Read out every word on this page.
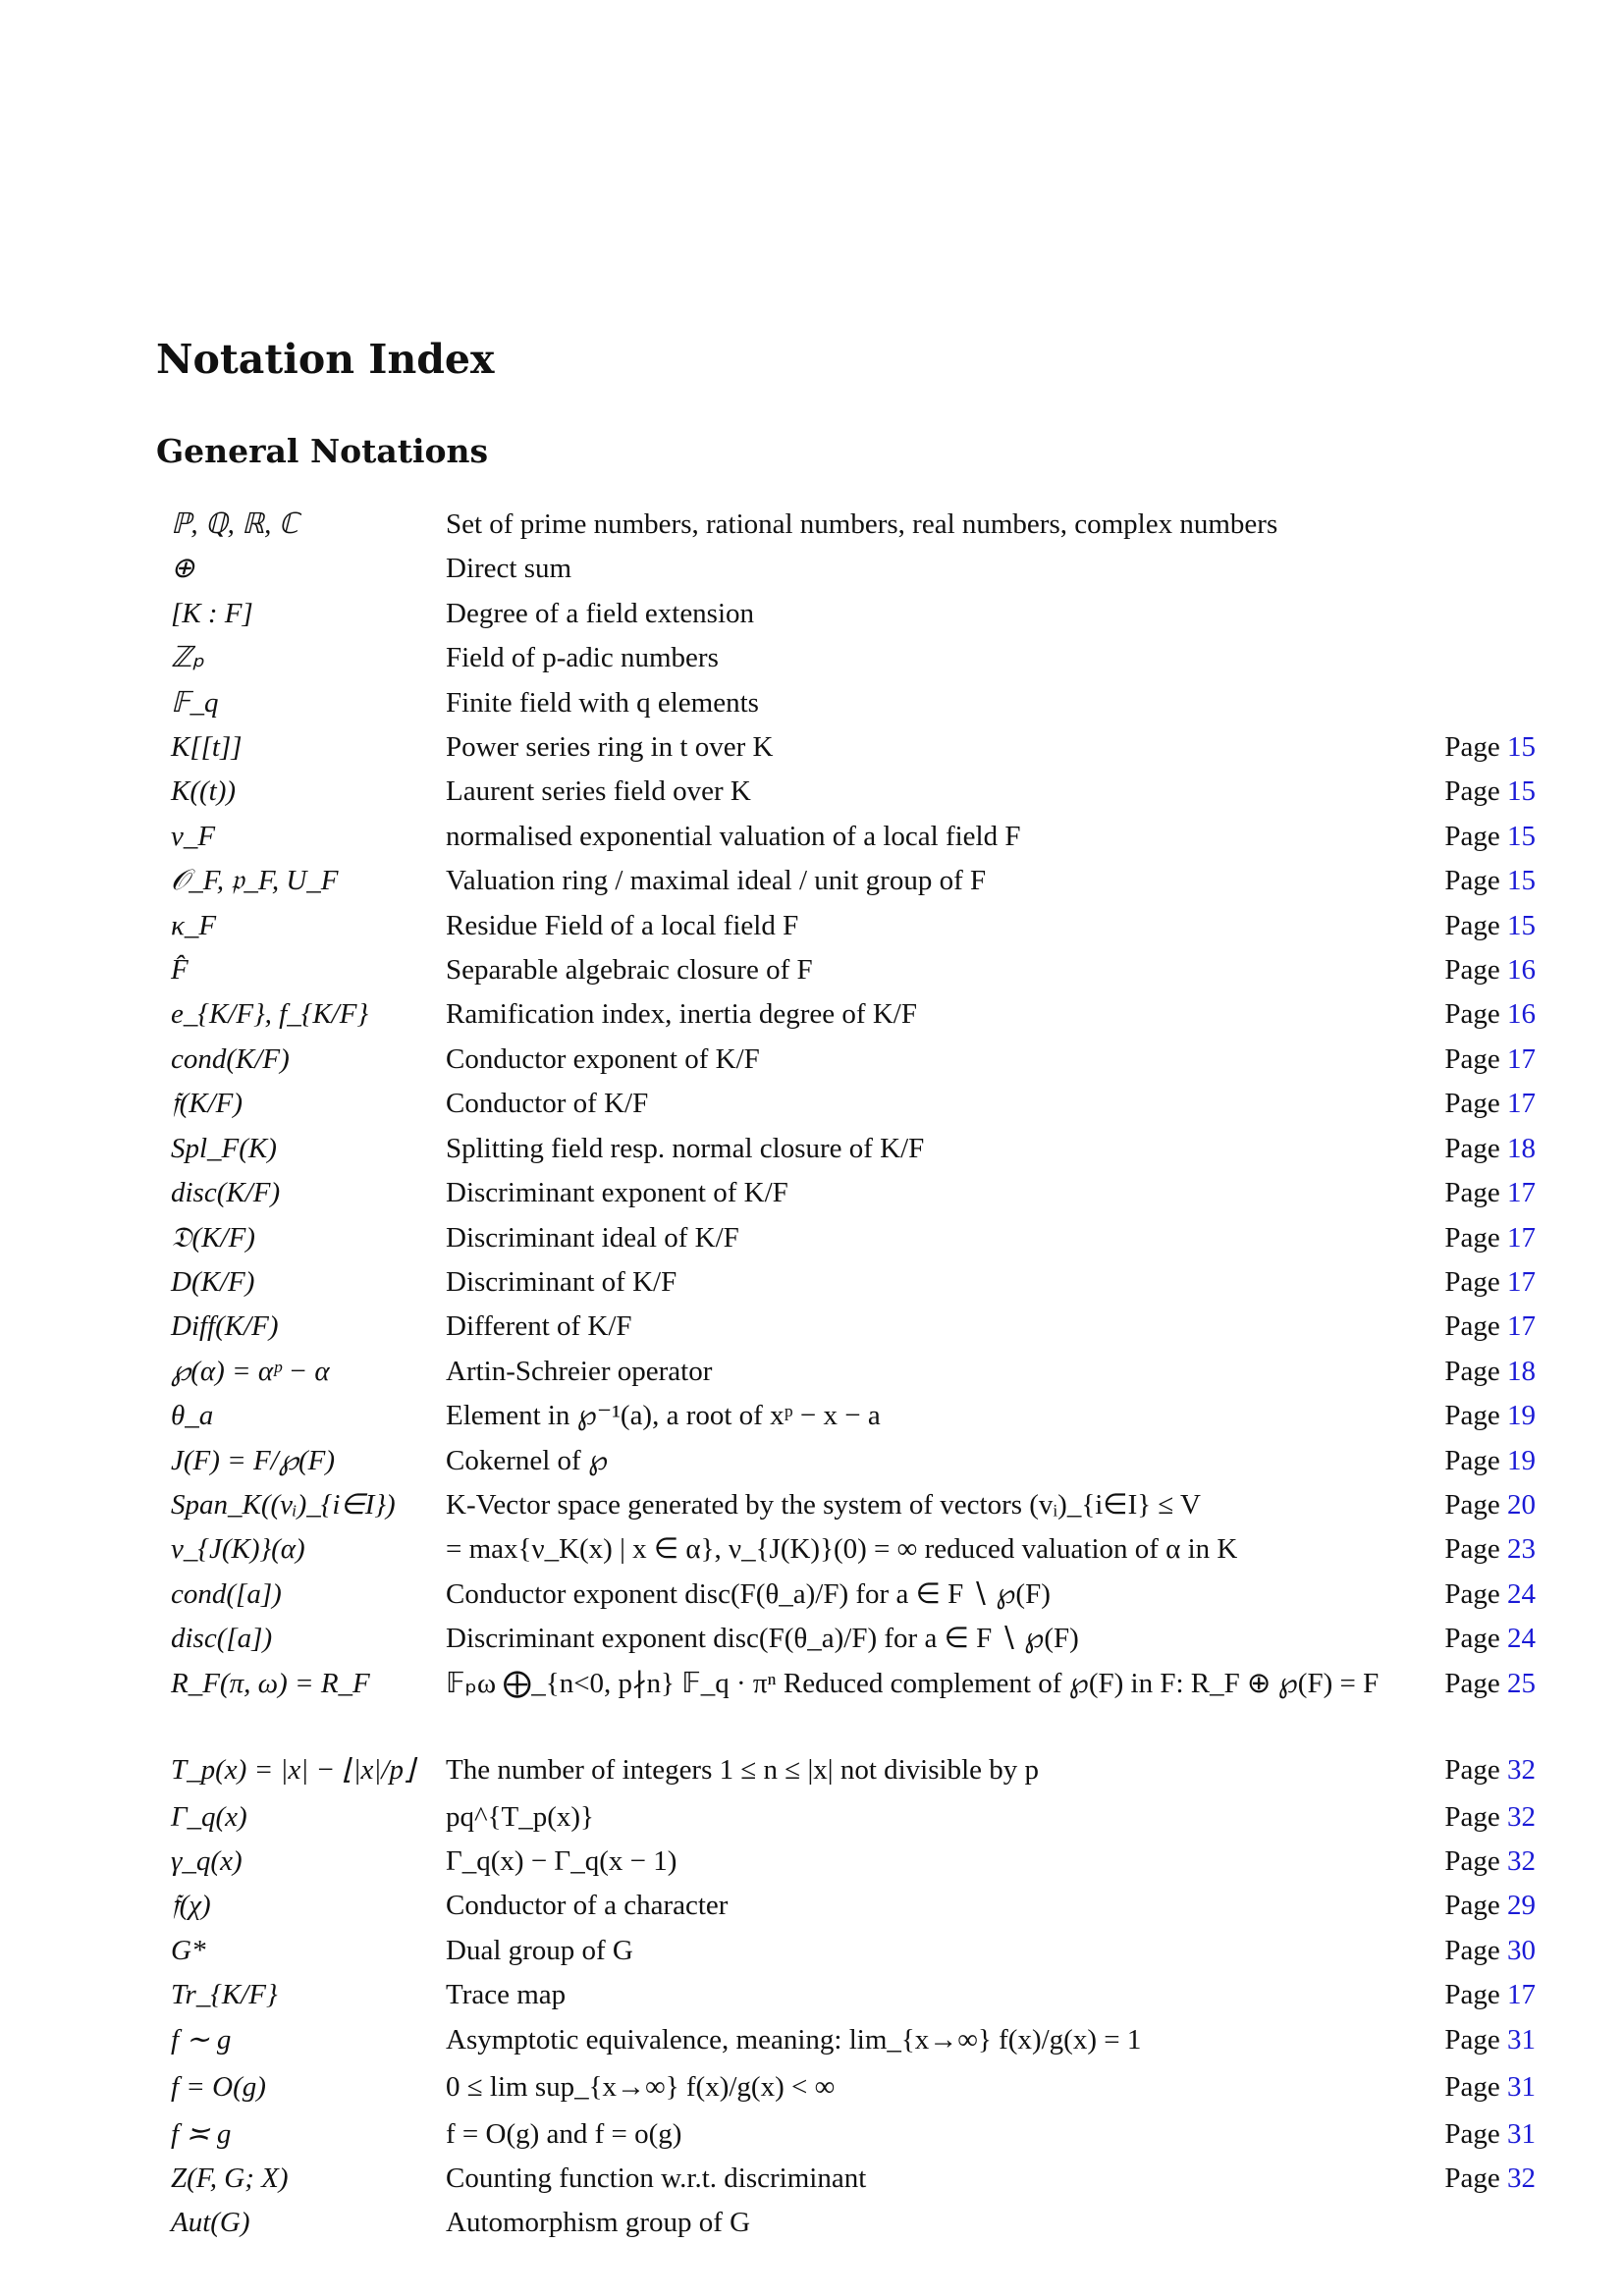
Notation Index
General Notations
ℙ, ℚ, ℝ, ℂ	Set of prime numbers, rational numbers, real numbers, complex numbers
⊕	Direct sum
[K : F]	Degree of a field extension
ℤₚ	Field of p-adic numbers
𝔽_q	Finite field with q elements
K[[t]]	Power series ring in t over K	Page 15
K((t))	Laurent series field over K	Page 15
ν_F	normalised exponential valuation of a local field F	Page 15
𝒪_F, 𝔭_F, U_F	Valuation ring / maximal ideal / unit group of F	Page 15
κ_F	Residue Field of a local field F	Page 15
F̂	Separable algebraic closure of F	Page 16
e_{K/F}, f_{K/F}	Ramification index, inertia degree of K/F	Page 16
cond(K/F)	Conductor exponent of K/F	Page 17
𝔣(K/F)	Conductor of K/F	Page 17
Spl_F(K)	Splitting field resp. normal closure of K/F	Page 18
disc(K/F)	Discriminant exponent of K/F	Page 17
𝔇(K/F)	Discriminant ideal of K/F	Page 17
D(K/F)	Discriminant of K/F	Page 17
Diff(K/F)	Different of K/F	Page 17
℘(α) = αᵖ − α	Artin-Schreier operator	Page 18
θ_a	Element in ℘⁻¹(a), a root of xᵖ − x − a	Page 19
J(F) = F/℘(F)	Cokernel of ℘	Page 19
Span_K((vᵢ)_{i∈I})	K-Vector space generated by the system of vectors (vᵢ)_{i∈I} ≤ V	Page 20
ν_{J(K)}(α)	= max{ν_K(x) | x ∈ α}, ν_{J(K)}(0) = ∞ reduced valuation of α in K	Page 23
cond([a])	Conductor exponent disc(F(θ_a)/F) for a ∈ F ∖ ℘(F)	Page 24
disc([a])	Discriminant exponent disc(F(θ_a)/F) for a ∈ F ∖ ℘(F)	Page 24
R_F(π, ω) = R_F	𝔽ₚω ⨁_{n<0, p∤n} 𝔽_q · πⁿ Reduced complement of ℘(F) in F: R_F ⊕ ℘(F) = F	Page 25
T_p(x) = |x| − ⌊|x|/p⌋	The number of integers 1 ≤ n ≤ |x| not divisible by p	Page 32
Γ_q(x)	pq^{T_p(x)}	Page 32
γ_q(x)	Γ_q(x) − Γ_q(x − 1)	Page 32
𝔣(χ)	Conductor of a character	Page 29
G*	Dual group of G	Page 30
Tr_{K/F}	Trace map	Page 17
f ∼ g	Asymptotic equivalence, meaning: lim_{x→∞} f(x)/g(x) = 1	Page 31
f = O(g)	0 ≤ lim sup_{x→∞} f(x)/g(x) < ∞	Page 31
f ≍ g	f = O(g) and f = o(g)	Page 31
Z(F, G; X)	Counting function w.r.t. discriminant	Page 32
Aut(G)	Automorphism group of G
